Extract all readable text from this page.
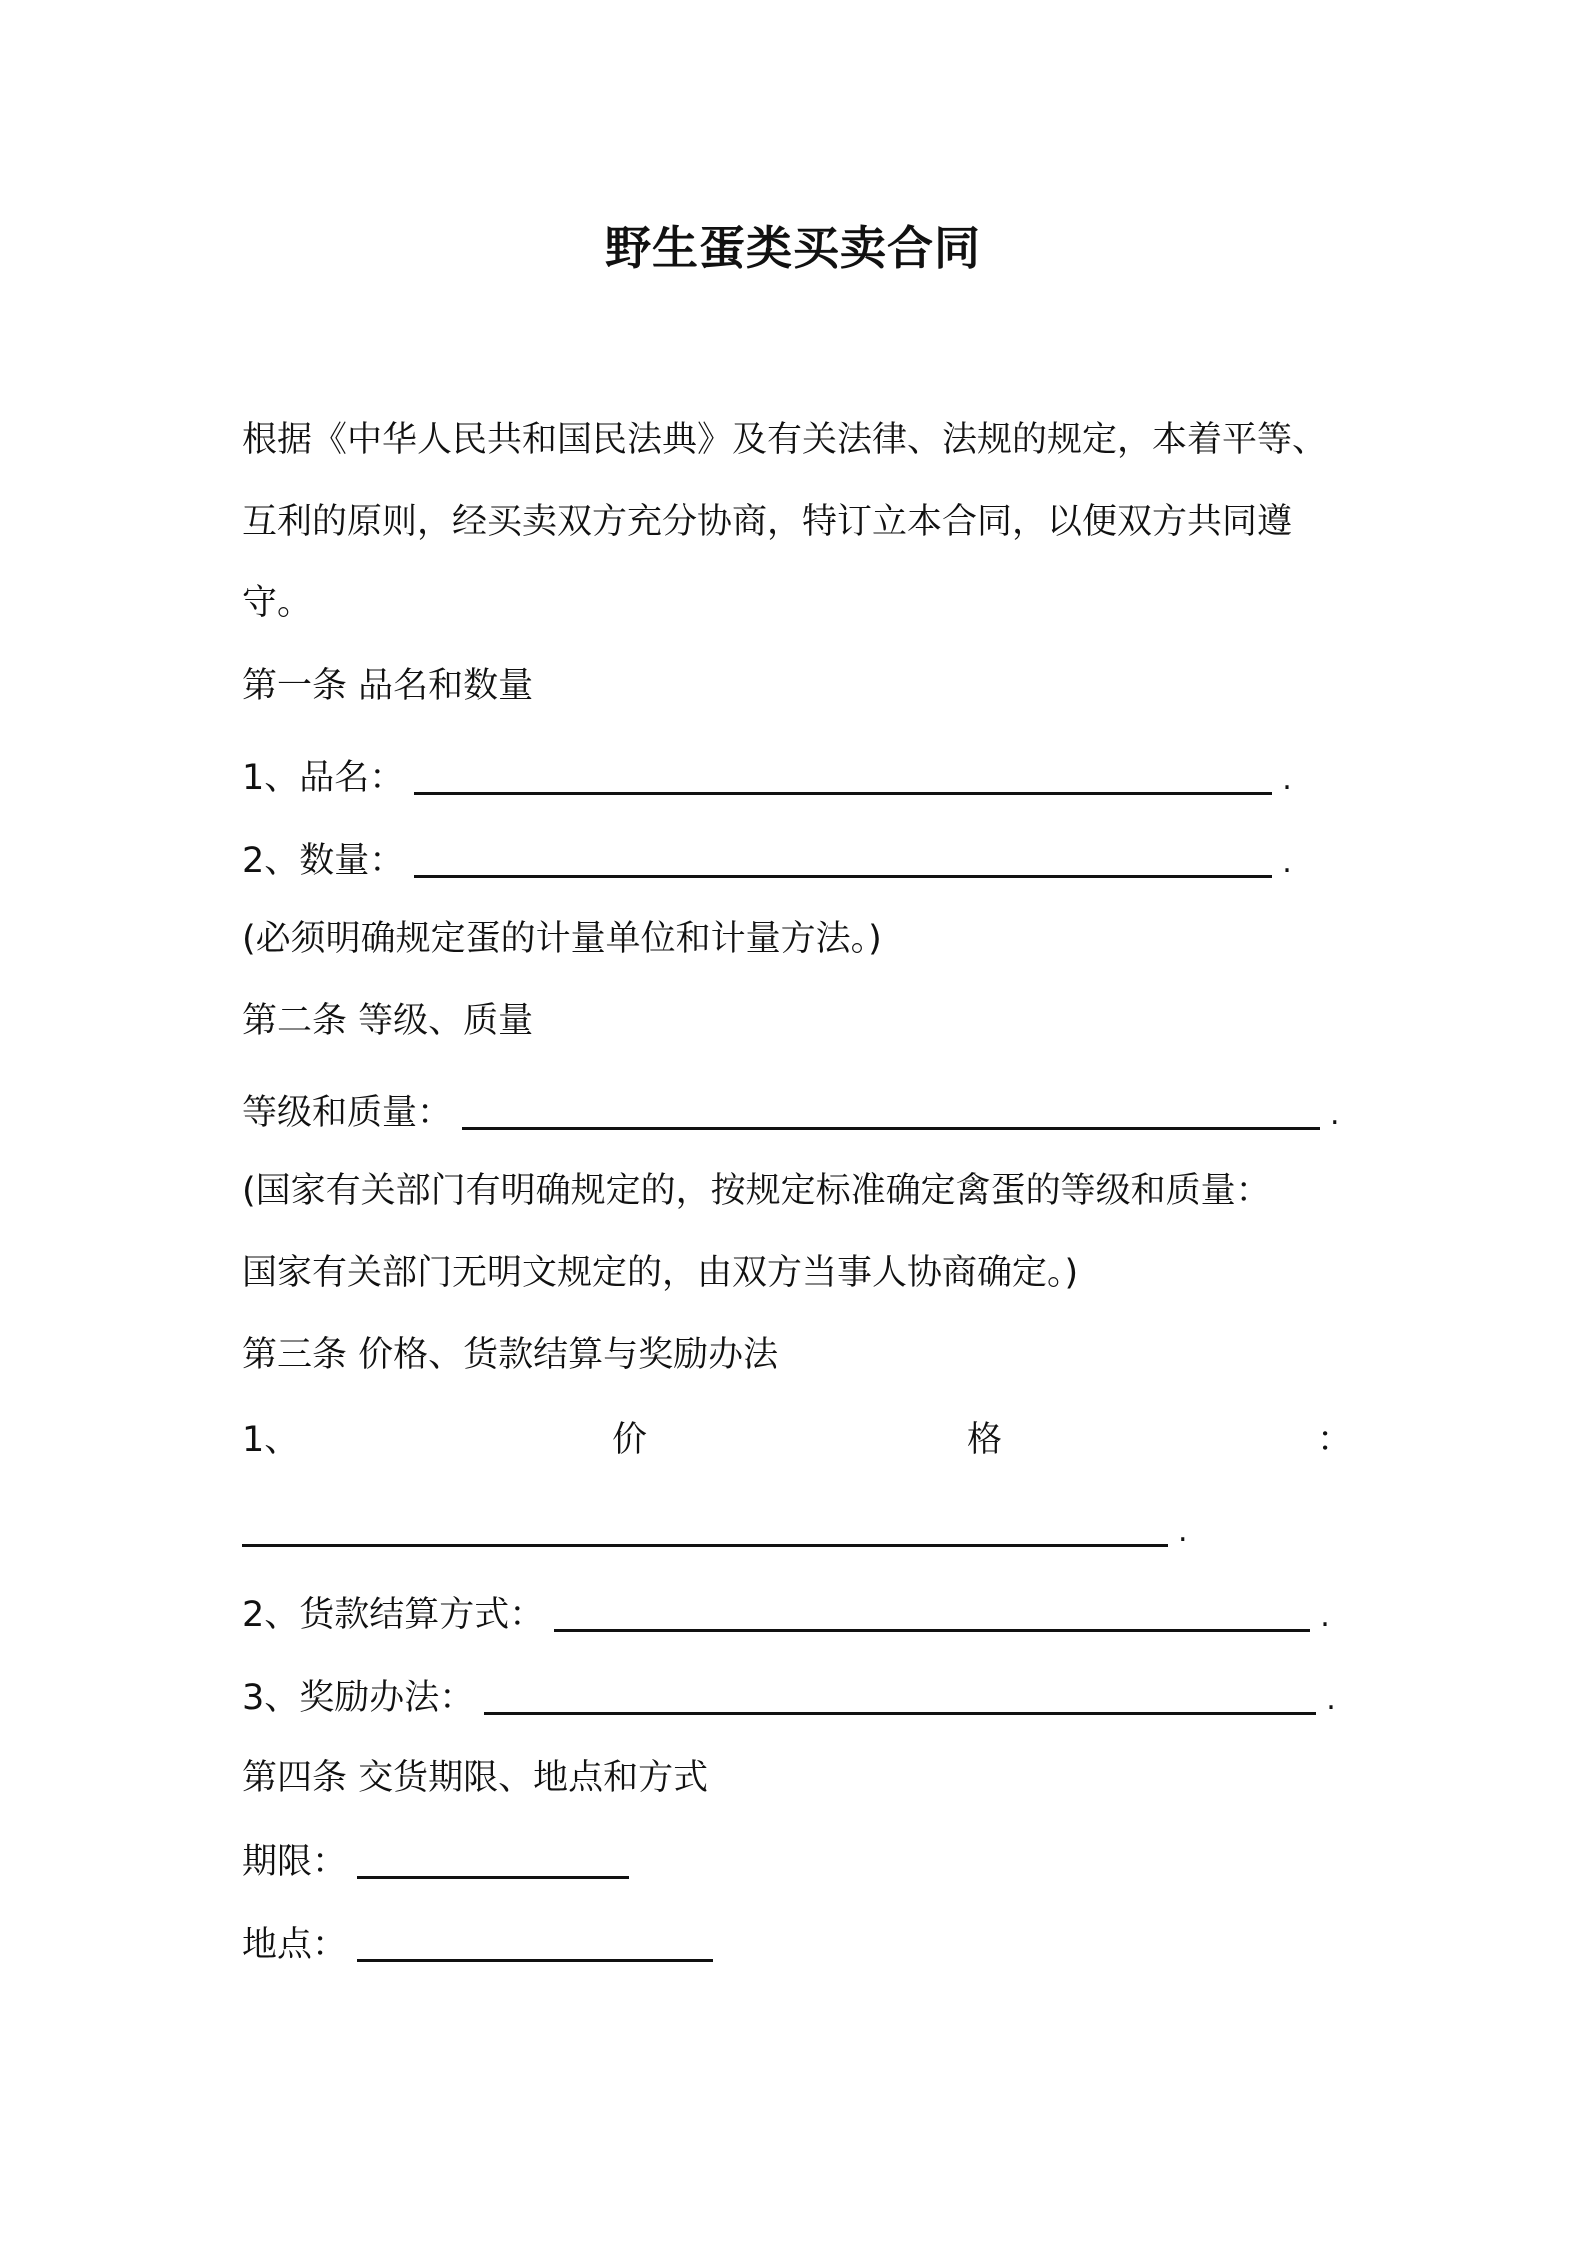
野生蛋类买卖合同
根据《中华人民共和国民法典》及有关法律、法规的规定，本着平等、
互利的原则，经买卖双方充分协商，特订立本合同，以便双方共同遵
守。
第一条 品名和数量
1、品名：	.
2、数量：	.
(必须明确规定蛋的计量单位和计量方法。)
第二条 等级、质量
等级和质量：	.
(国家有关部门有明确规定的，按规定标准确定禽蛋的等级和质量：
国家有关部门无明文规定的，由双方当事人协商确定。)
第三条 价格、货款结算与奖励办法
1、	价	格	：
.
2、货款结算方式：	.
3、奖励办法：	.
第四条 交货期限、地点和方式
期限：
地点：
